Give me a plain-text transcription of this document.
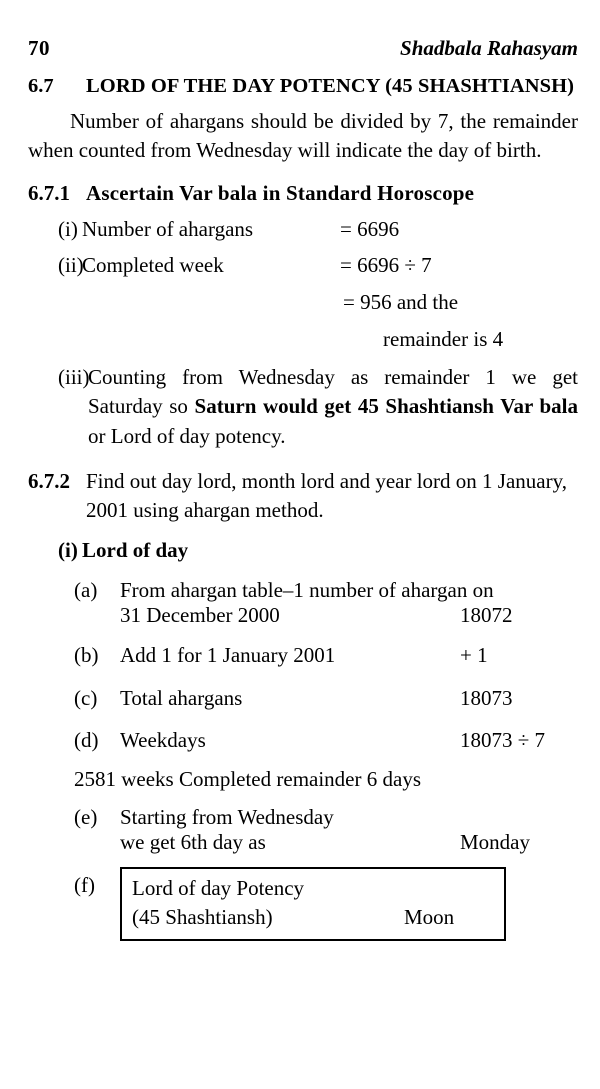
70	Shadbala Rahasyam
6.7	LORD OF THE DAY POTENCY (45 SHASHTIANSH)
Number of ahargans should be divided by 7, the remainder when counted from Wednesday will indicate the day of birth.
6.7.1 Ascertain Var bala in Standard Horoscope
(i) Number of ahargans	= 6696
(ii)
Completed week	= 6696 ÷ 7
= 956 and the
remainder is 4
(iii)
Counting from Wednesday as remainder 1 we get Saturday so Saturn would get 45 Shashtiansh Var bala or Lord of day potency.
6.7.2 Find out day lord, month lord and year lord on 1 January, 2001 using ahargan method.
(i) Lord of day
(a)	From ahargan table–1 number of ahargan on
31 December 2000	18072
(b)	Add 1 for 1 January 2001	+ 1
(c)	Total ahargans	18073
(d)	Weekdays	18073 ÷ 7
2581 weeks Completed remainder 6 days
(e)	Starting from Wednesday
we get 6th day as	Monday
(f)	Lord of day Potency
(45 Shashtiansh)	Moon
